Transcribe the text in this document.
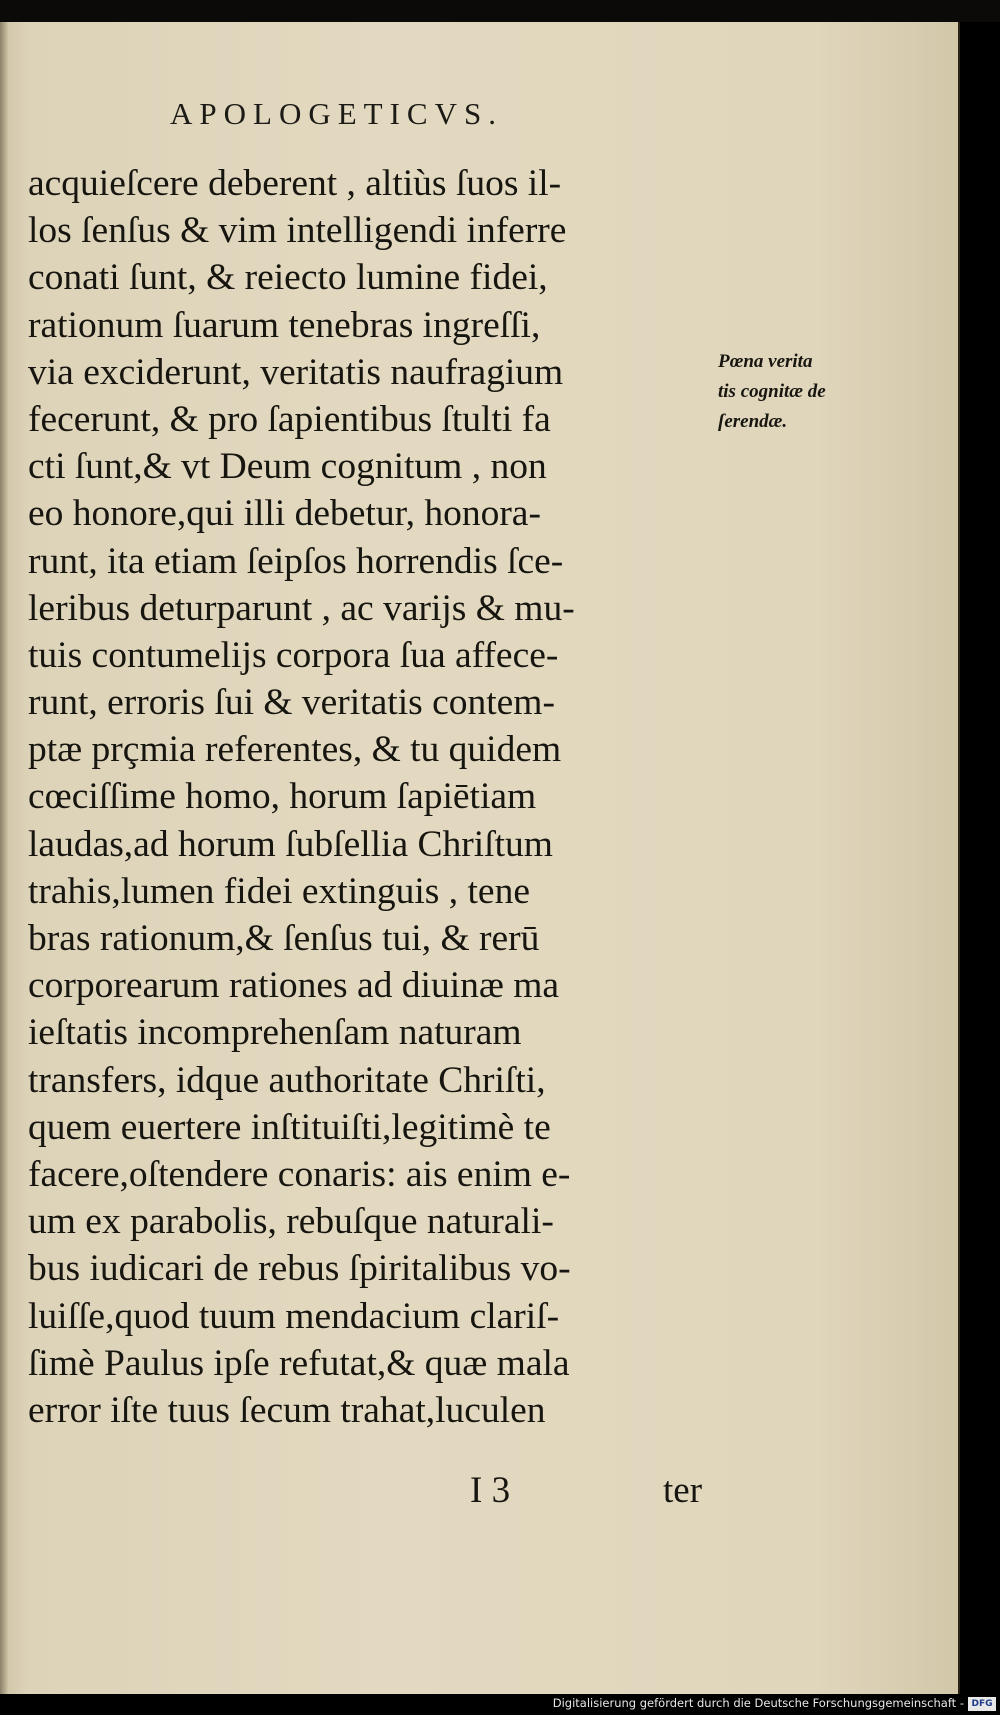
APOLOGETICVS.
acquieſcere deberent , altiùs ſuos il-
los ſenſus & vim intelligendi inferre
conati ſunt, & reiecto lumine fidei,
rationum ſuarum tenebras ingreſſi,
via exciderunt, veritatis naufragium
fecerunt, & pro ſapientibus ſtulti fa
cti ſunt,& vt Deum cognitum , non
eo honore,qui illi debetur, honora-
runt, ita etiam ſeipſos horrendis ſce-
leribus deturparunt , ac varijs & mu-
tuis contumelijs corpora ſua affece-
runt, erroris ſui & veritatis contem-
ptæ prçmia referentes, & tu quidem
cœciſſime homo, horum ſapiētiam
laudas,ad horum ſubſellia Chriſtum
trahis,lumen fidei extinguis , tene
bras rationum,& ſenſus tui, & rerū
corporearum rationes ad diuinæ ma
ieſtatis incomprehenſam naturam
transfers, idque authoritate Chriſti,
quem euertere inſtituiſti,legitimè te
facere,oſtendere conaris: ais enim e-
um ex parabolis, rebuſque naturali-
bus iudicari de rebus ſpiritalibus vo-
luiſſe,quod tuum mendacium clariſ-
ſimè Paulus ipſe refutat,& quæ mala
error iſte tuus ſecum trahat,luculen
Pœna verita
tis cognitæ de
ſerendæ.
I 3	ter
Digitalisierung gefördert durch die Deutsche Forschungsgemeinschaft - DFG
